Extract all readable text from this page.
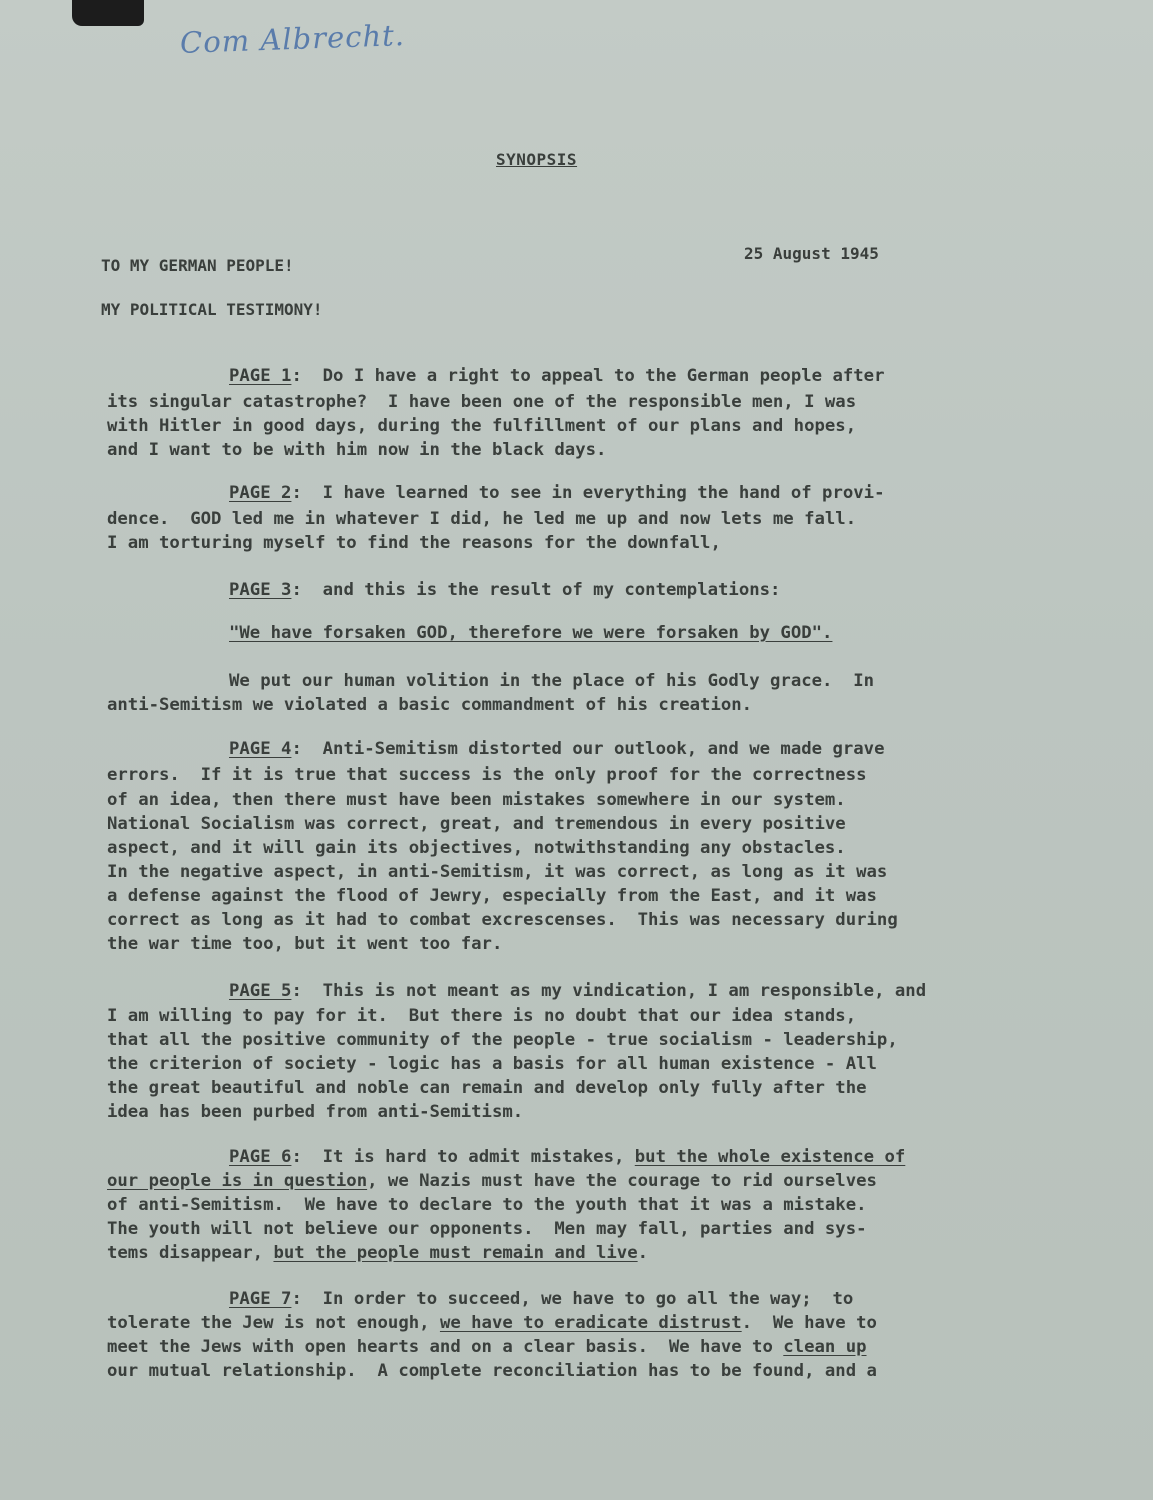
Com Albrecht.
SYNOPSIS
TO MY GERMAN PEOPLE!
25 August 1945
MY POLITICAL TESTIMONY!
PAGE 1:  Do I have a right to appeal to the German people after
its singular catastrophe?  I have been one of the responsible men, I was
with Hitler in good days, during the fulfillment of our plans and hopes,
and I want to be with him now in the black days.
PAGE 2:  I have learned to see in everything the hand of provi-
dence.  GOD led me in whatever I did, he led me up and now lets me fall.
I am torturing myself to find the reasons for the downfall,
PAGE 3:  and this is the result of my contemplations:
"We have forsaken GOD, therefore we were forsaken by GOD".
We put our human volition in the place of his Godly grace.  In
anti-Semitism we violated a basic commandment of his creation.
PAGE 4:  Anti-Semitism distorted our outlook, and we made grave
errors.  If it is true that success is the only proof for the correctness
of an idea, then there must have been mistakes somewhere in our system.
National Socialism was correct, great, and tremendous in every positive
aspect, and it will gain its objectives, notwithstanding any obstacles.
In the negative aspect, in anti-Semitism, it was correct, as long as it was
a defense against the flood of Jewry, especially from the East, and it was
correct as long as it had to combat excrescenses.  This was necessary during
the war time too, but it went too far.
PAGE 5:  This is not meant as my vindication, I am responsible, and
I am willing to pay for it.  But there is no doubt that our idea stands,
that all the positive community of the people - true socialism - leadership,
the criterion of society - logic has a basis for all human existence - All
the great beautiful and noble can remain and develop only fully after the
idea has been purbed from anti-Semitism.
PAGE 6:  It is hard to admit mistakes, but the whole existence of
our people is in question, we Nazis must have the courage to rid ourselves
of anti-Semitism.  We have to declare to the youth that it was a mistake.
The youth will not believe our opponents.  Men may fall, parties and sys-
tems disappear, but the people must remain and live.
PAGE 7:  In order to succeed, we have to go all the way;  to
tolerate the Jew is not enough, we have to eradicate distrust.  We have to
meet the Jews with open hearts and on a clear basis.  We have to clean up
our mutual relationship.  A complete reconciliation has to be found, and a
